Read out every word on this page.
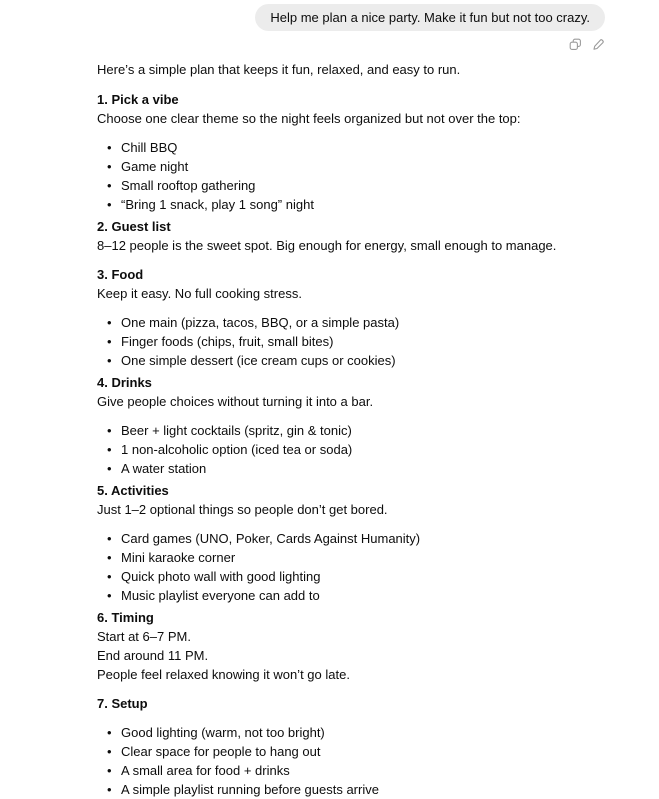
Help me plan a nice party. Make it fun but not too crazy.

Here’s a simple plan that keeps it fun, relaxed, and easy to run.

1. Pick a vibe
Choose one clear theme so the night feels organized but not over the top:

• Chill BBQ
• Game night
• Small rooftop gathering
• “Bring 1 snack, play 1 song” night

2. Guest list
8–12 people is the sweet spot. Big enough for energy, small enough to manage.

3. Food
Keep it easy. No full cooking stress.

• One main (pizza, tacos, BBQ, or a simple pasta)
• Finger foods (chips, fruit, small bites)
• One simple dessert (ice cream cups or cookies)

4. Drinks
Give people choices without turning it into a bar.

• Beer + light cocktails (spritz, gin & tonic)
• 1 non-alcoholic option (iced tea or soda)
• A water station

5. Activities
Just 1–2 optional things so people don’t get bored.

• Card games (UNO, Poker, Cards Against Humanity)
• Mini karaoke corner
• Quick photo wall with good lighting
• Music playlist everyone can add to

6. Timing
Start at 6–7 PM.
End around 11 PM.
People feel relaxed knowing it won’t go late.

7. Setup

• Good lighting (warm, not too bright)
• Clear space for people to hang out
• A small area for food + drinks
• A simple playlist running before guests arrive
